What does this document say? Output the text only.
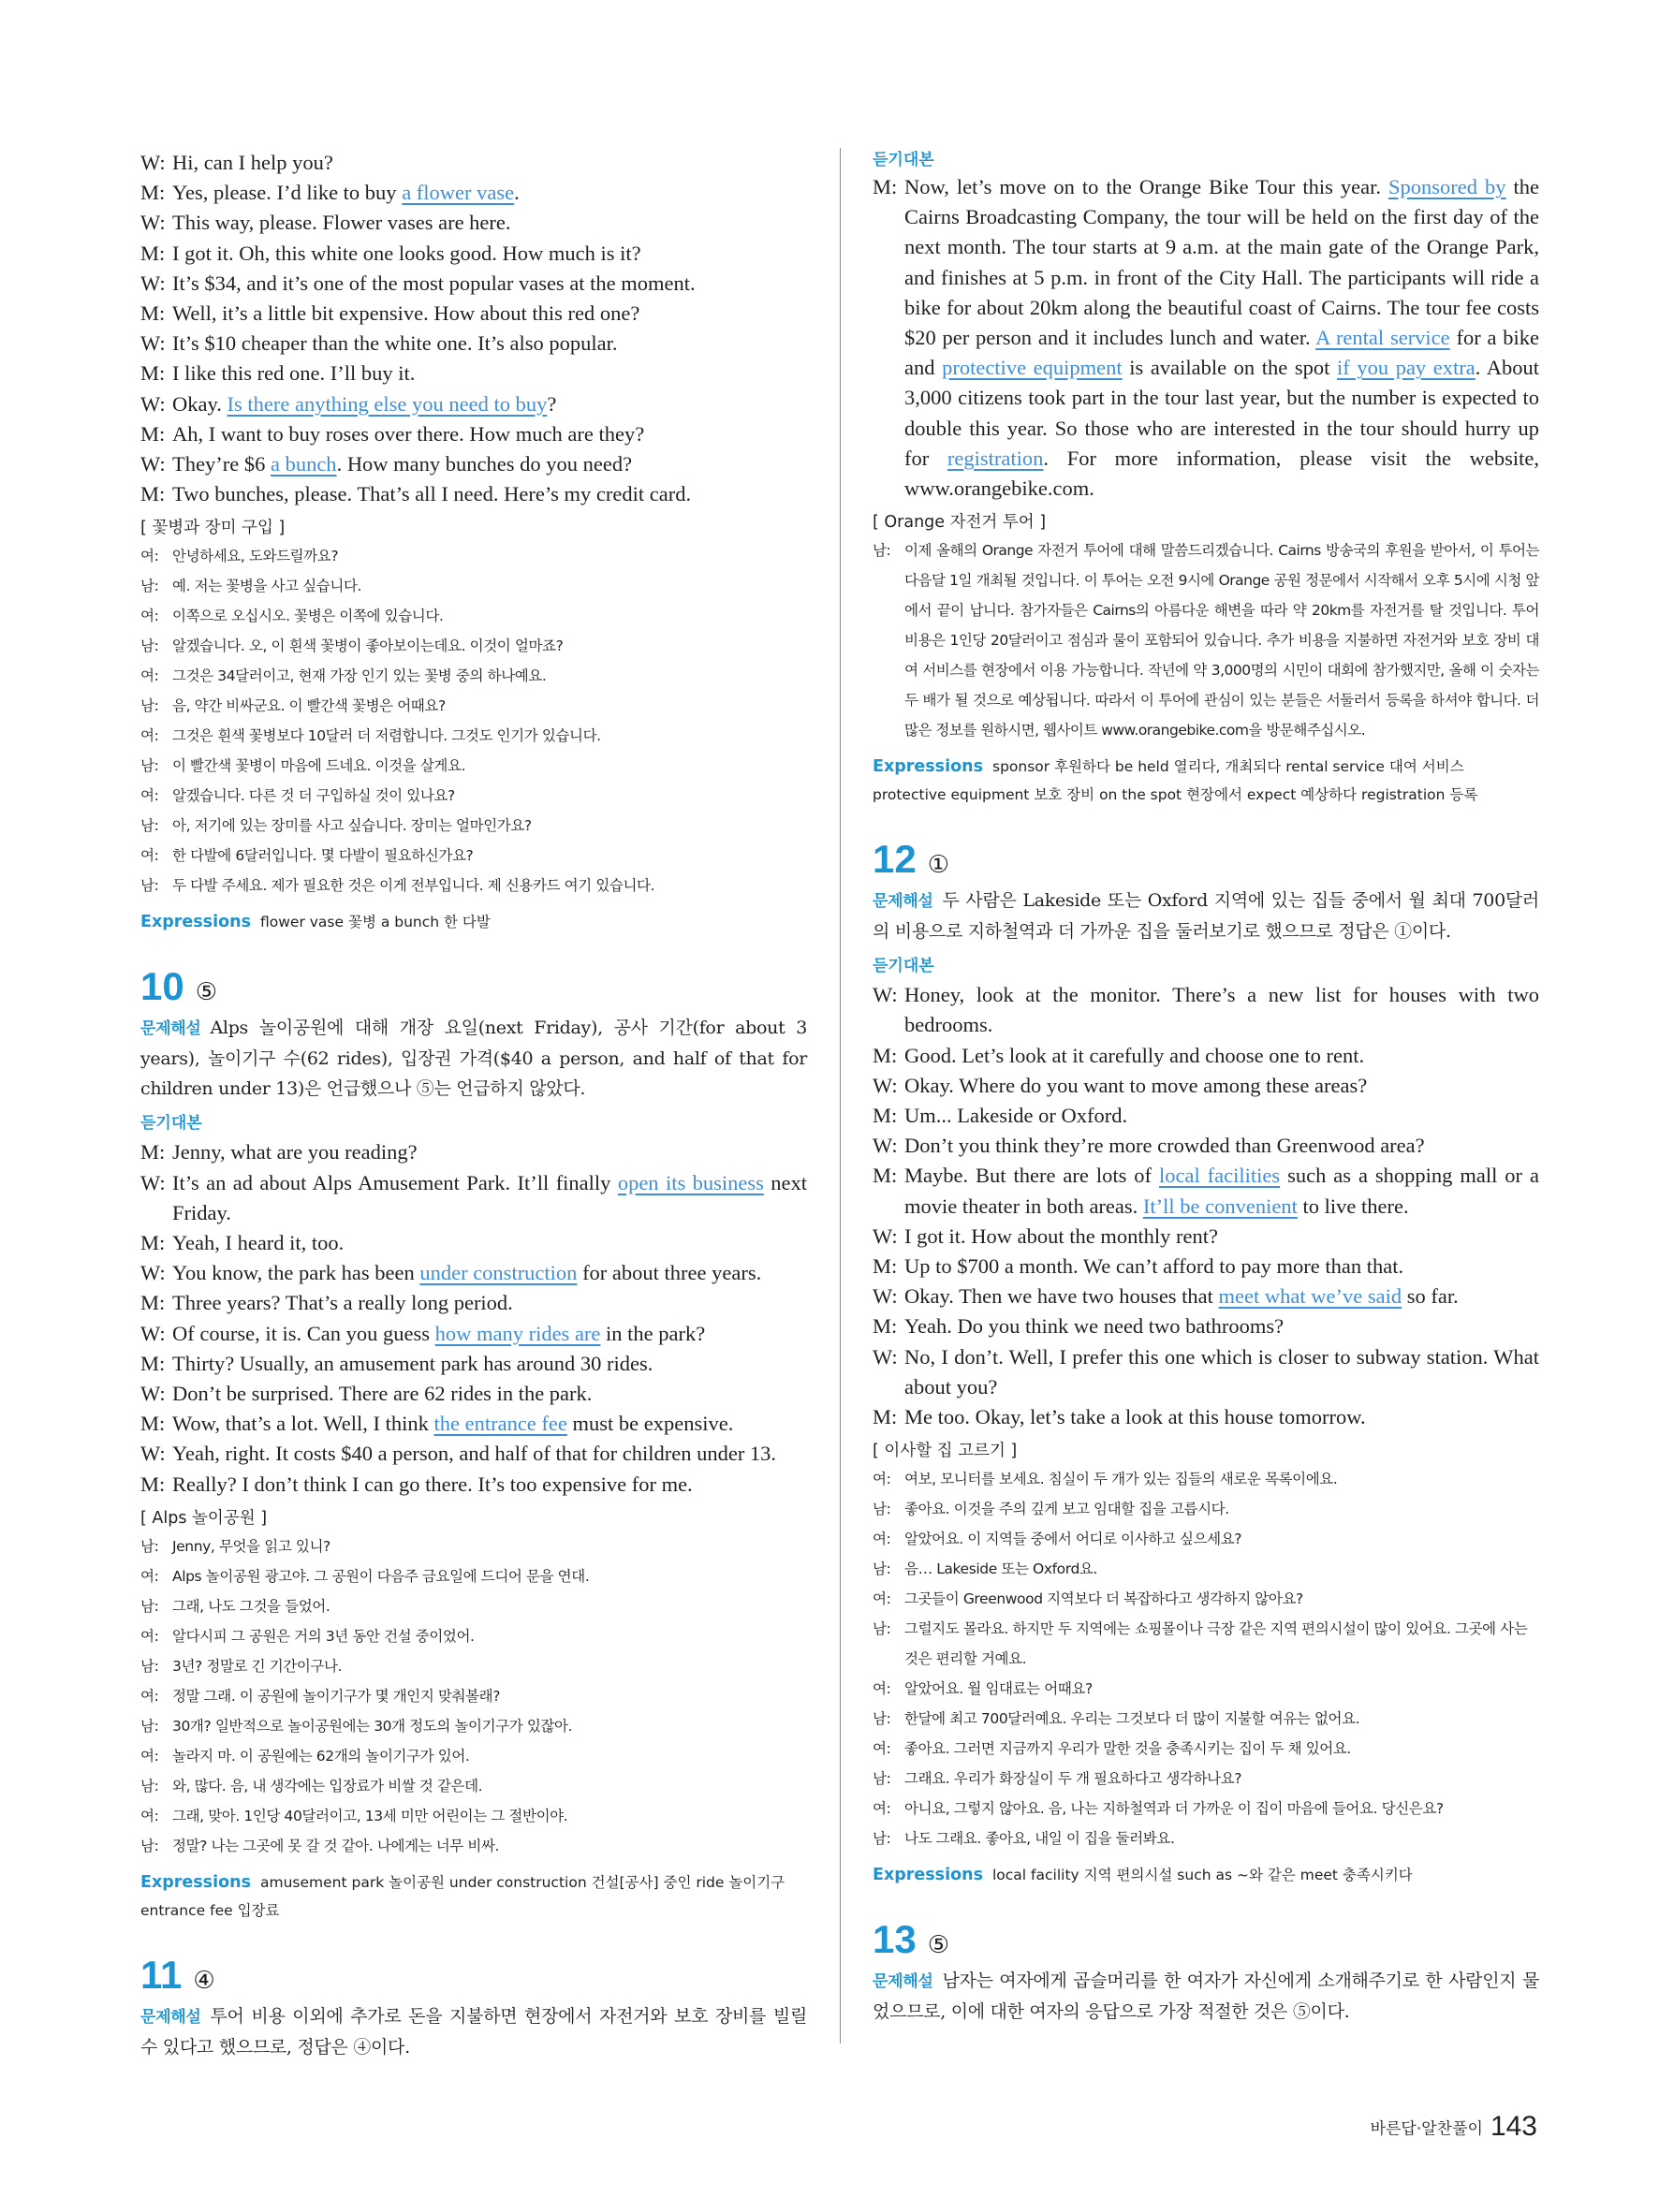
W: Hi, can I help you?
M: Yes, please. I’d like to buy a flower vase.
W: This way, please. Flower vases are here.
M: I got it. Oh, this white one looks good. How much is it?
W: It’s $34, and it’s one of the most popular vases at the moment.
M: Well, it’s a little bit expensive. How about this red one?
W: It’s $10 cheaper than the white one. It’s also popular.
M: I like this red one. I’ll buy it.
W: Okay. Is there anything else you need to buy?
M: Ah, I want to buy roses over there. How much are they?
W: They’re $6 a bunch. How many bunches do you need?
M: Two bunches, please. That’s all I need. Here’s my credit card.
[ 꽃병과 장미 구입 ]
여: 안녕하세요, 도와드릴까요?
남: 예. 저는 꽃병을 사고 싶습니다.
여: 이쪽으로 오십시오. 꽃병은 이쪽에 있습니다.
남: 알겠습니다. 오, 이 흰색 꽃병이 좋아보이는데요. 이것이 얼마죠?
여: 그것은 34달러이고, 현재 가장 인기 있는 꽃병 중의 하나예요.
남: 음, 약간 비싸군요. 이 빨간색 꽃병은 어때요?
여: 그것은 흰색 꽃병보다 10달러 더 저렴합니다. 그것도 인기가 있습니다.
남: 이 빨간색 꽃병이 마음에 드네요. 이것을 살게요.
여: 알겠습니다. 다른 것 더 구입하실 것이 있나요?
남: 아, 저기에 있는 장미를 사고 싶습니다. 장미는 얼마인가요?
여: 한 다발에 6달러입니다. 몇 다발이 필요하신가요?
남: 두 다발 주세요. 제가 필요한 것은 이게 전부입니다. 제 신용카드 여기 있습니다.
Expressions flower vase 꽃병 a bunch 한 다발
10 ⑤
문제해설 Alps 놀이공원에 대해 개장 요일(next Friday), 공사 기간(for about 3 years), 놀이기구 수(62 rides), 입장권 가격($40 a person, and half of that for children under 13)은 언급했으나 ⑤는 언급하지 않았다.
듣기대본
M: Jenny, what are you reading?
W: It’s an ad about Alps Amusement Park. It’ll finally open its business next Friday.
M: Yeah, I heard it, too.
W: You know, the park has been under construction for about three years.
M: Three years? That’s a really long period.
W: Of course, it is. Can you guess how many rides are in the park?
M: Thirty? Usually, an amusement park has around 30 rides.
W: Don’t be surprised. There are 62 rides in the park.
M: Wow, that’s a lot. Well, I think the entrance fee must be expensive.
W: Yeah, right. It costs $40 a person, and half of that for children under 13.
M: Really? I don’t think I can go there. It’s too expensive for me.
[ Alps 놀이공원 ]
남: Jenny, 무엇을 읽고 있니?
여: Alps 놀이공원 광고야. 그 공원이 다음주 금요일에 드디어 문을 연대.
남: 그래, 나도 그것을 들었어.
여: 알다시피 그 공원은 거의 3년 동안 건설 중이었어.
남: 3년? 정말로 긴 기간이구나.
여: 정말 그래. 이 공원에 놀이기구가 몇 개인지 맞춰볼래?
남: 30개? 일반적으로 놀이공원에는 30개 정도의 놀이기구가 있잖아.
여: 놀라지 마. 이 공원에는 62개의 놀이기구가 있어.
남: 와, 많다. 음, 내 생각에는 입장료가 비쌀 것 같은데.
여: 그래, 맞아. 1인당 40달러이고, 13세 미만 어린이는 그 절반이야.
남: 정말? 나는 그곳에 못 갈 것 같아. 나에게는 너무 비싸.
Expressions amusement park 놀이공원 under construction 건설[공사] 중인 ride 놀이기구 entrance fee 입장료
11 ④
문제해설 투어 비용 이외에 추가로 돈을 지불하면 현장에서 자전거와 보호 장비를 빌릴 수 있다고 했으므로, 정답은 ④이다.
듣기대본
M: Now, let’s move on to the Orange Bike Tour this year. Sponsored by the Cairns Broadcasting Company, the tour will be held on the first day of the next month. The tour starts at 9 a.m. at the main gate of the Orange Park, and finishes at 5 p.m. in front of the City Hall. The participants will ride a bike for about 20km along the beautiful coast of Cairns. The tour fee costs $20 per person and it includes lunch and water. A rental service for a bike and protective equipment is available on the spot if you pay extra. About 3,000 citizens took part in the tour last year, but the number is expected to double this year. So those who are interested in the tour should hurry up for registration. For more information, please visit the website, www.orangebike.com.
[ Orange 자전거 투어 ]
남: 이제 올해의 Orange 자전거 투어에 대해 말씀드리겠습니다. Cairns 방송국의 후원을 받아서, 이 투어는 다음달 1일 개최될 것입니다. 이 투어는 오전 9시에 Orange 공원 정문에서 시작해서 오후 5시에 시청 앞에서 끝이 납니다. 참가자들은 Cairns의 아름다운 해변을 따라 약 20km를 자전거를 탈 것입니다. 투어 비용은 1인당 20달러이고 점심과 물이 포함되어 있습니다. 추가 비용을 지불하면 자전거와 보호 장비 대여 서비스를 현장에서 이용 가능합니다. 작년에 약 3,000명의 시민이 대회에 참가했지만, 올해 이 숫자는 두 배가 될 것으로 예상됩니다. 따라서 이 투어에 관심이 있는 분들은 서둘러서 등록을 하셔야 합니다. 더 많은 정보를 원하시면, 웹사이트 www.orangebike.com을 방문해주십시오.
Expressions sponsor 후원하다 be held 열리다, 개최되다 rental service 대여 서비스 protective equipment 보호 장비 on the spot 현장에서 expect 예상하다 registration 등록
12 ①
문제해설 두 사람은 Lakeside 또는 Oxford 지역에 있는 집들 중에서 월 최대 700달러의 비용으로 지하철역과 더 가까운 집을 둘러보기로 했으므로 정답은 ①이다.
듣기대본
W: Honey, look at the monitor. There’s a new list for houses with two bedrooms.
M: Good. Let’s look at it carefully and choose one to rent.
W: Okay. Where do you want to move among these areas?
M: Um... Lakeside or Oxford.
W: Don’t you think they’re more crowded than Greenwood area?
M: Maybe. But there are lots of local facilities such as a shopping mall or a movie theater in both areas. It’ll be convenient to live there.
W: I got it. How about the monthly rent?
M: Up to $700 a month. We can’t afford to pay more than that.
W: Okay. Then we have two houses that meet what we’ve said so far.
M: Yeah. Do you think we need two bathrooms?
W: No, I don’t. Well, I prefer this one which is closer to subway station. What about you?
M: Me too. Okay, let’s take a look at this house tomorrow.
[ 이사할 집 고르기 ]
여: 여보, 모니터를 보세요. 침실이 두 개가 있는 집들의 새로운 목록이에요.
남: 좋아요. 이것을 주의 깊게 보고 임대할 집을 고릅시다.
여: 알았어요. 이 지역들 중에서 어디로 이사하고 싶으세요?
남: 음… Lakeside 또는 Oxford요.
여: 그곳들이 Greenwood 지역보다 더 복잡하다고 생각하지 않아요?
남: 그럴지도 몰라요. 하지만 두 지역에는 쇼핑몰이나 극장 같은 지역 편의시설이 많이 있어요. 그곳에 사는 것은 편리할 거예요.
여: 알았어요. 월 임대료는 어때요?
남: 한달에 최고 700달러예요. 우리는 그것보다 더 많이 지불할 여유는 없어요.
여: 좋아요. 그러면 지금까지 우리가 말한 것을 충족시키는 집이 두 채 있어요.
남: 그래요. 우리가 화장실이 두 개 필요하다고 생각하나요?
여: 아니요, 그렇지 않아요. 음, 나는 지하철역과 더 가까운 이 집이 마음에 들어요. 당신은요?
남: 나도 그래요. 좋아요, 내일 이 집을 둘러봐요.
Expressions local facility 지역 편의시설 such as ~와 같은 meet 충족시키다
13 ⑤
문제해설 남자는 여자에게 곱슬머리를 한 여자가 자신에게 소개해주기로 한 사람인지 물었으므로, 이에 대한 여자의 응답으로 가장 적절한 것은 ⑤이다.
바른답·알찬풀이 143
